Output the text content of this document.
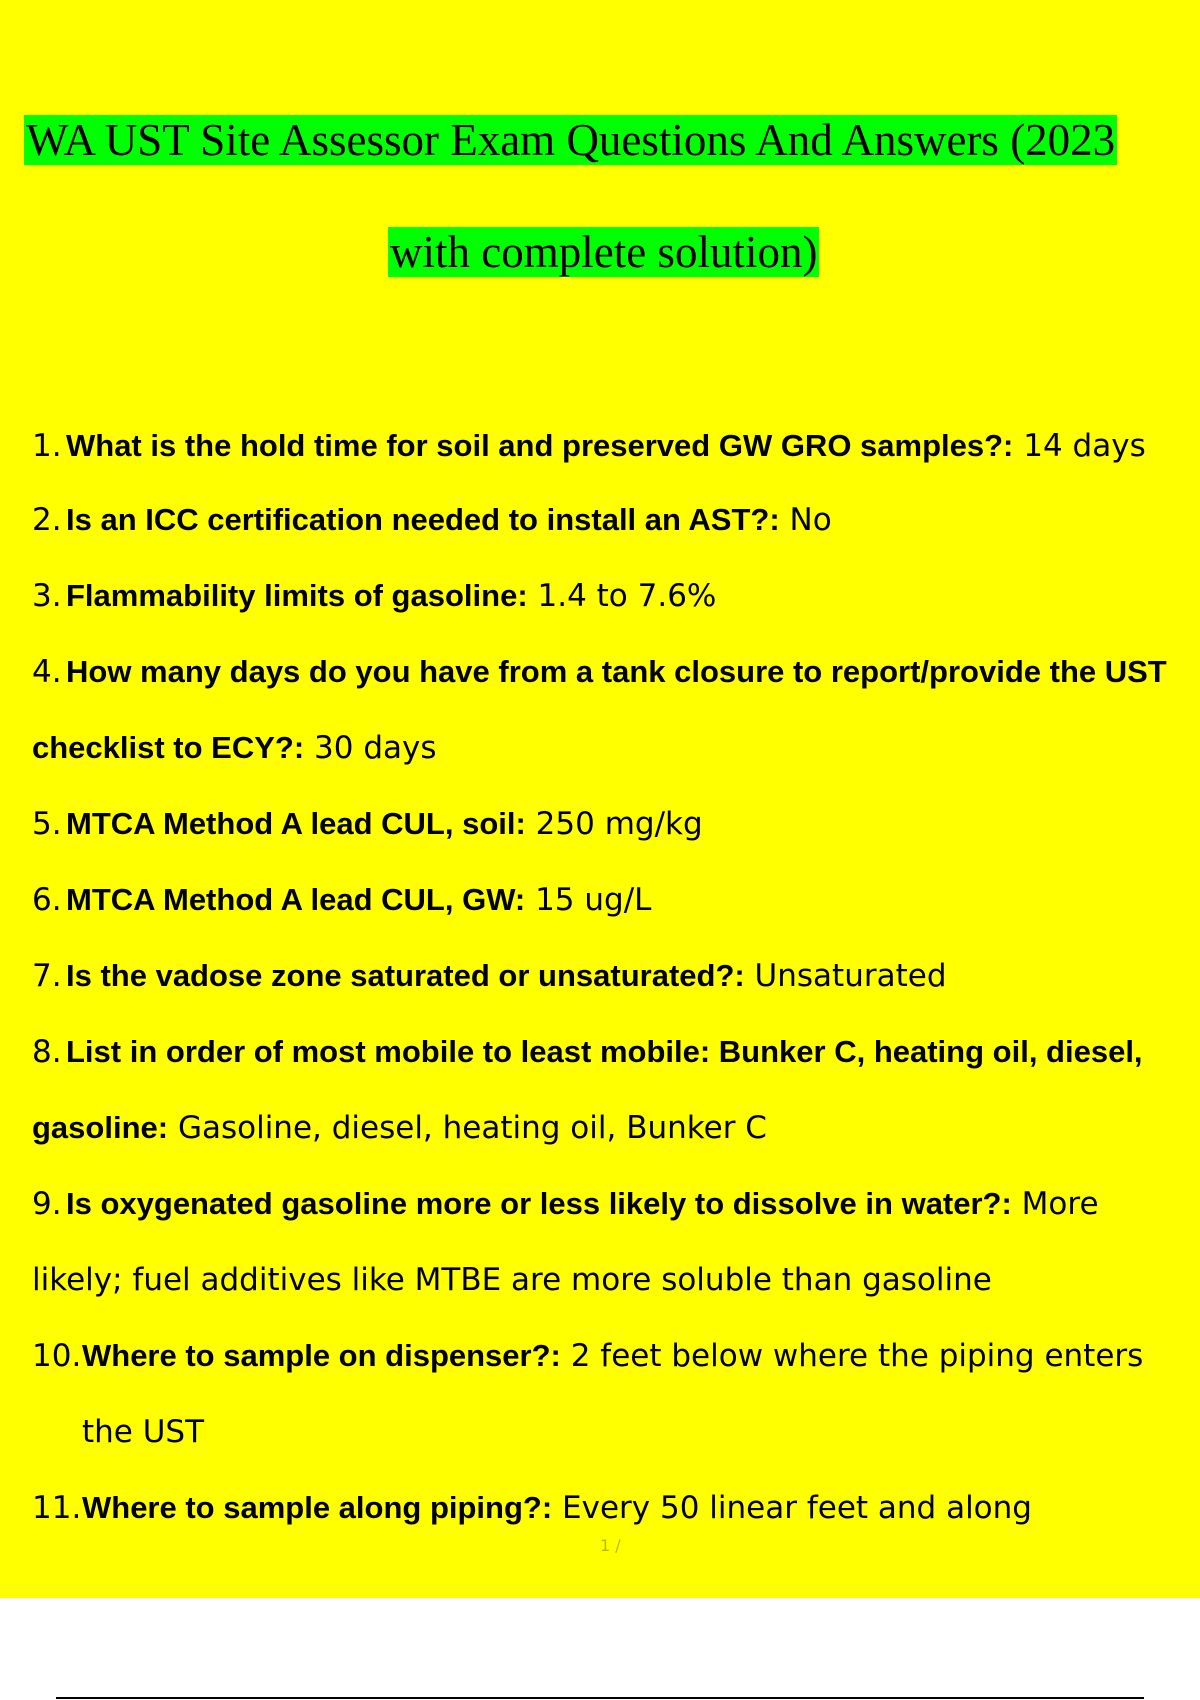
WA UST Site Assessor Exam Questions And Answers (2023
with complete solution)
1. What is the hold time for soil and preserved GW GRO samples?: 14 days
2. Is an ICC certification needed to install an AST?: No
3. Flammability limits of gasoline: 1.4 to 7.6%
4. How many days do you have from a tank closure to report/provide the UST checklist to ECY?: 30 days
5. MTCA Method A lead CUL, soil: 250 mg/kg
6. MTCA Method A lead CUL, GW: 15 ug/L
7. Is the vadose zone saturated or unsaturated?: Unsaturated
8. List in order of most mobile to least mobile: Bunker C, heating oil, diesel, gasoline: Gasoline, diesel, heating oil, Bunker C
9. Is oxygenated gasoline more or less likely to dissolve in water?: More likely; fuel additives like MTBE are more soluble than gasoline
10.Where to sample on dispenser?: 2 feet below where the piping enters
the UST
11.Where to sample along piping?: Every 50 linear feet and along
1 /
